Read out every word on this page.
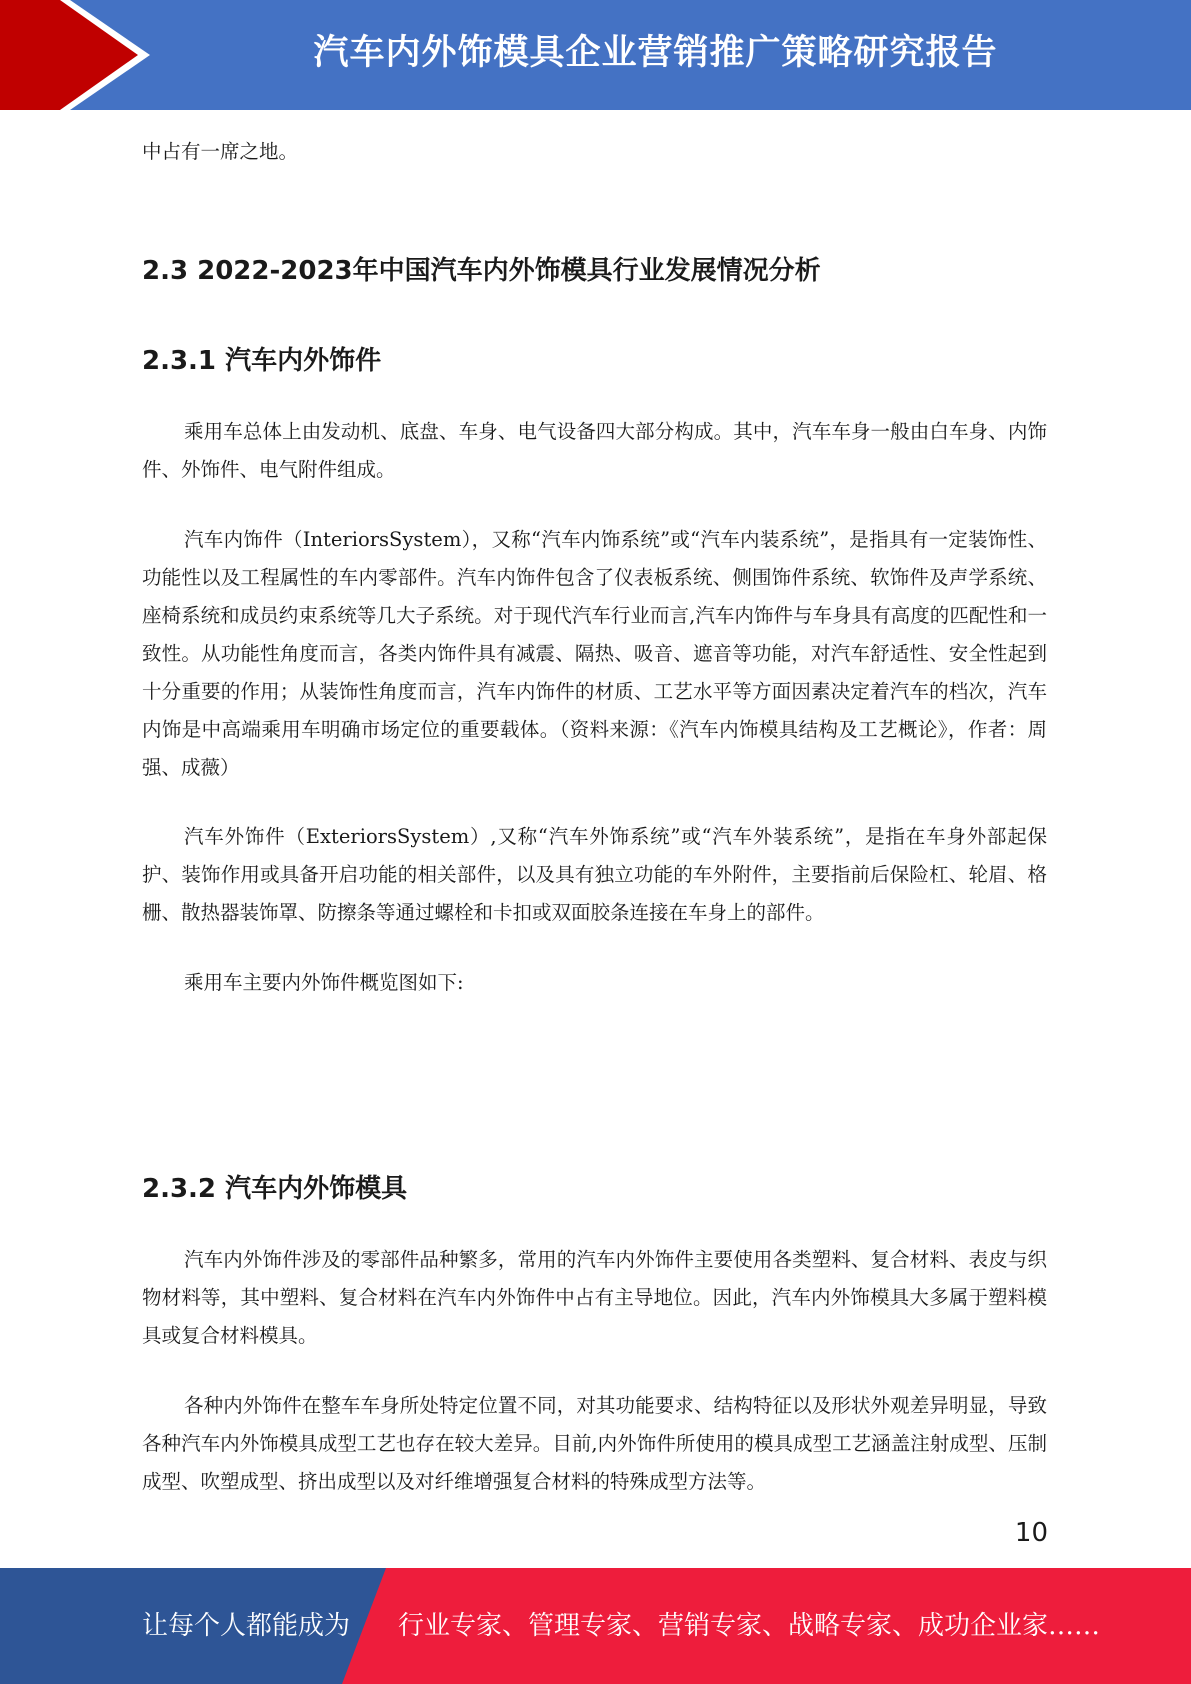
汽车内外饰模具企业营销推广策略研究报告

中占有一席之地。

2.3 2022-2023年中国汽车内外饰模具行业发展情况分析
2.3.1 汽车内外饰件

乘用车总体上由发动机、底盘、车身、电气设备四大部分构成。其中，汽车车身一般由白车身、内饰件、外饰件、电气附件组成。

汽车内饰件（InteriorsSystem），又称“汽车内饰系统”或“汽车内装系统”，是指具有一定装饰性、功能性以及工程属性的车内零部件。汽车内饰件包含了仪表板系统、侧围饰件系统、软饰件及声学系统、座椅系统和成员约束系统等几大子系统。对于现代汽车行业而言,汽车内饰件与车身具有高度的匹配性和一致性。从功能性角度而言，各类内饰件具有减震、隔热、吸音、遮音等功能，对汽车舒适性、安全性起到十分重要的作用；从装饰性角度而言，汽车内饰件的材质、工艺水平等方面因素决定着汽车的档次，汽车内饰是中高端乘用车明确市场定位的重要载体。（资料来源：《汽车内饰模具结构及工艺概论》，作者：周强、成薇）

汽车外饰件（ExteriorsSystem）,又称“汽车外饰系统”或“汽车外装系统”，是指在车身外部起保护、装饰作用或具备开启功能的相关部件，以及具有独立功能的车外附件，主要指前后保险杠、轮眉、格栅、散热器装饰罩、防擦条等通过螺栓和卡扣或双面胶条连接在车身上的部件。

乘用车主要内外饰件概览图如下:

2.3.2 汽车内外饰模具

汽车内外饰件涉及的零部件品种繁多，常用的汽车内外饰件主要使用各类塑料、复合材料、表皮与织物材料等，其中塑料、复合材料在汽车内外饰件中占有主导地位。因此，汽车内外饰模具大多属于塑料模具或复合材料模具。

各种内外饰件在整车车身所处特定位置不同，对其功能要求、结构特征以及形状外观差异明显，导致各种汽车内外饰模具成型工艺也存在较大差异。目前,内外饰件所使用的模具成型工艺涵盖注射成型、压制成型、吹塑成型、挤出成型以及对纤维增强复合材料的特殊成型方法等。

10
让每个人都能成为 行业专家、管理专家、营销专家、战略专家、成功企业家……
